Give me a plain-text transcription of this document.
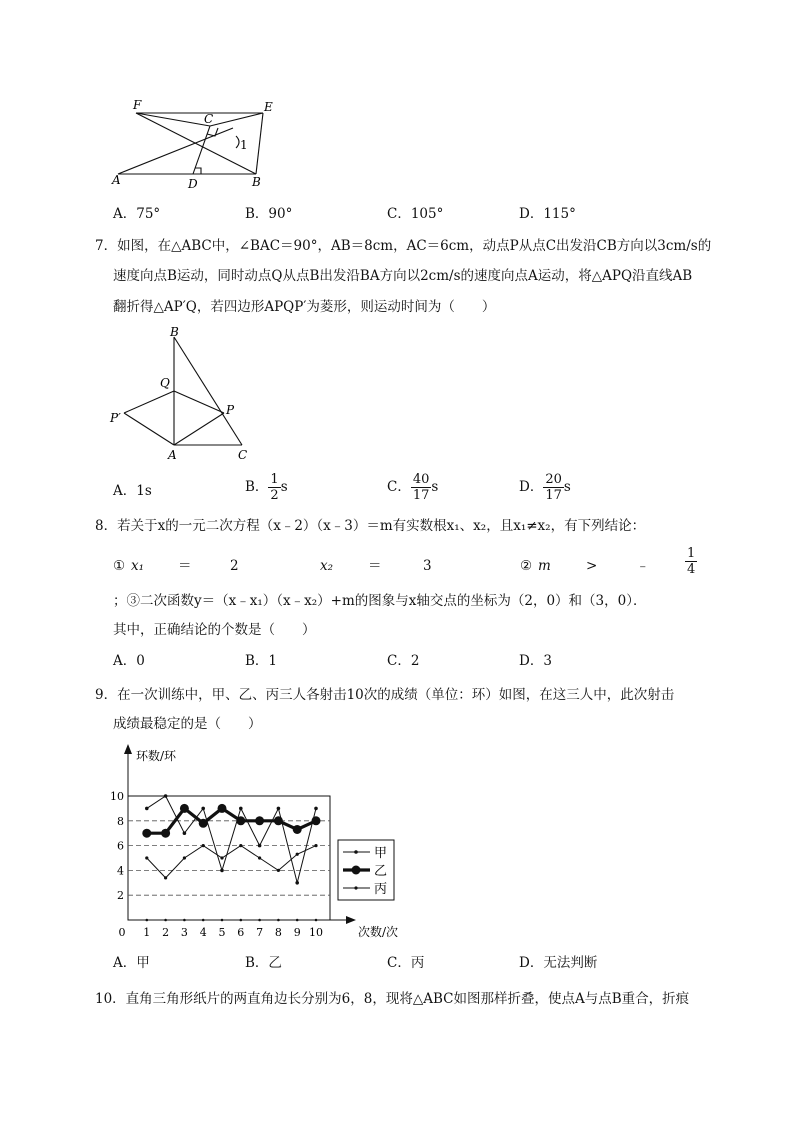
F	E
C
1
A	D	B
A．75°	B．90°	C．105°	D．115°
7．如图，在△ABC中，∠BAC＝90°，AB＝8cm，AC＝6cm，动点P从点C出发沿CB方向以3cm/s的
速度向点B运动，同时动点Q从点B出发沿BA方向以2cm/s的速度向点A运动，将△APQ沿直线AB
翻折得△AP′Q，若四边形APQP′为菱形，则运动时间为（　　）
B
Q
P′
P
A	C
A．1s	B． $\frac{1}{2}$ s	C． $\frac{40}{17}$ s	D． $\frac{20}{17}$ s
8．若关于x的一元二次方程（x﹣2）（x﹣3）＝m有实数根x₁、x₂，且x₁≠x₂，有下列结论：
① x₁	＝	2	x₂	＝	3	② m	>	﹣	$\frac{1}{4}$
；③二次函数y＝（x﹣x₁）（x﹣x₂）+m的图象与x轴交点的坐标为（2，0）和（3，0）．
其中，正确结论的个数是（　　）
A．0	B．1	C．2	D．3
9．在一次训练中，甲、乙、丙三人各射击10次的成绩（单位：环）如图，在这三人中，此次射击
成绩最稳定的是（　　）
2
4
6
8
10
0 1 2 3 4 5 6 7 8 9 10
环数/环
次数/次
甲
乙
丙
A．甲	B．乙	C．丙	D．无法判断
10．直角三角形纸片的两直角边长分别为6，8，现将△ABC如图那样折叠，使点A与点B重合，折痕
